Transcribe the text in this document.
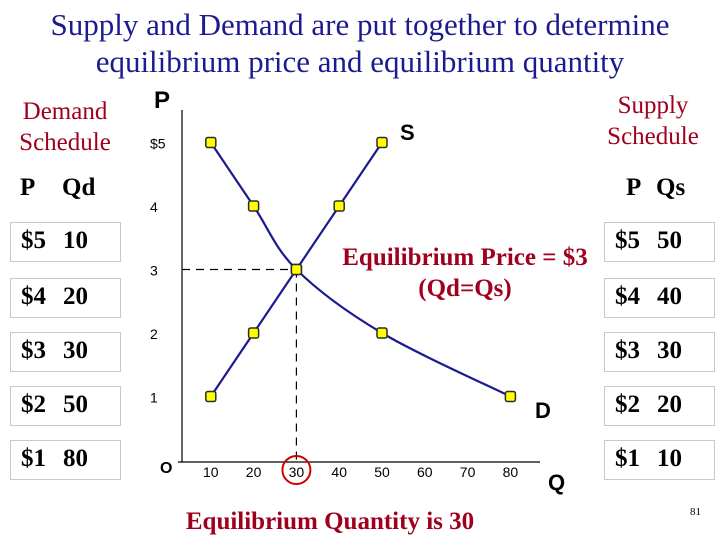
Supply and Demand are put together to determine
equilibrium price and equilibrium quantity
Demand
Schedule
P Qd
$5 10
$4 20
$3 30
$2 50
$1 80
Supply
Schedule
P Qs
$5 50
$4 40
$3 30
$2 20
$1 10
P
O
Q
S
D
$5
4
3
2
1
10 20 30 40 50 60 70 80
Equilibrium Price = $3
(Qd=Qs)
Equilibrium Quantity is 30	81
